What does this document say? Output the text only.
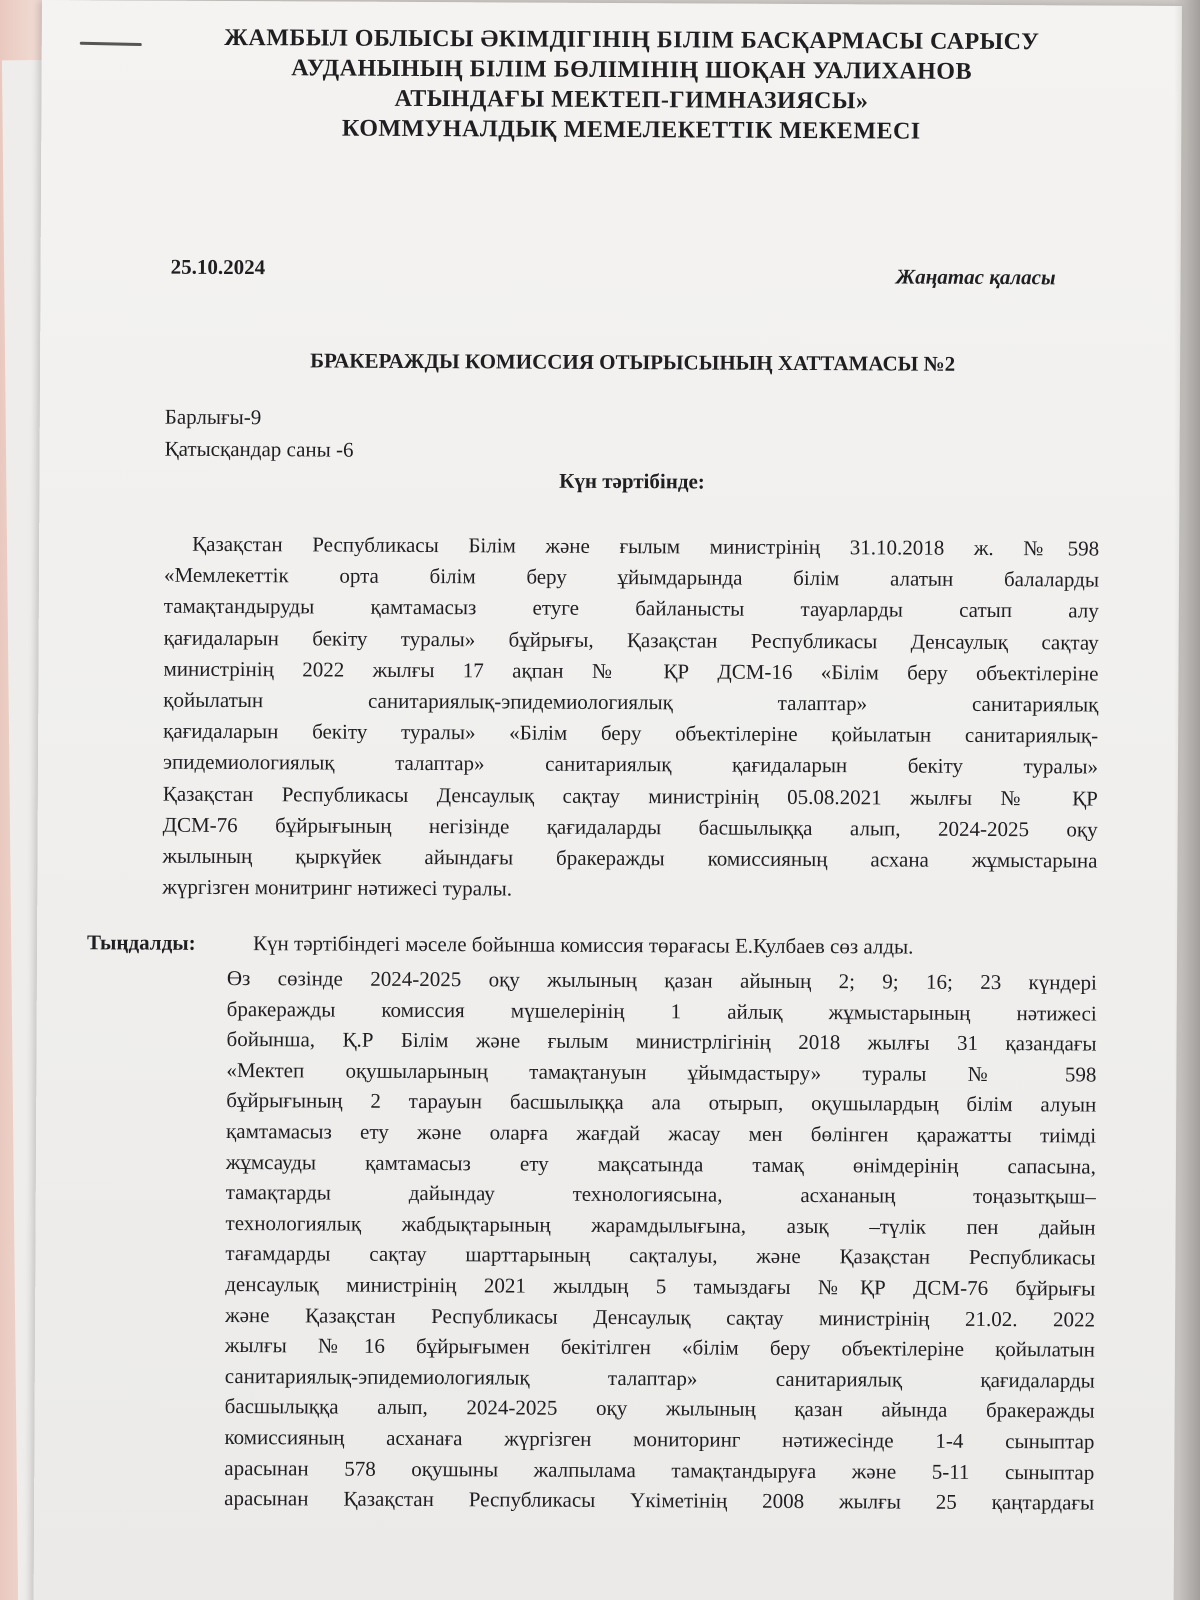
ЖАМБЫЛ ОБЛЫСЫ ӘКІМДІГІНІҢ БІЛІМ БАСҚАРМАСЫ САРЫСУ
АУДАНЫНЫҢ БІЛІМ БӨЛІМІНІҢ ШОҚАН УАЛИХАНОВ
АТЫНДАҒЫ МЕКТЕП-ГИМНАЗИЯСЫ»
КОММУНАЛДЫҚ МЕМЕЛЕКЕТТІК МЕКЕМЕСІ
25.10.2024	Жаңатас қаласы
БРАКЕРАЖДЫ КОМИССИЯ ОТЫРЫСЫНЫҢ ХАТТАМАСЫ №2
Барлығы-9
Қатысқандар саны -6
Күн тәртібінде:
Қазақстан Республикасы Білім және ғылым министрінің 31.10.2018 ж. №598
«Мемлекеттік орта білім беру ұйымдарында білім алатын балаларды
тамақтандыруды қамтамасыз етуге байланысты тауарларды сатып алу
қағидаларын бекіту туралы» бұйрығы, Қазақстан Республикасы Денсаулық сақтау
министрінің 2022 жылғы 17 ақпан № ҚР ДСМ-16 «Білім беру объектілеріне
қойылатын санитариялық-эпидемиологиялық талаптар» санитариялық
қағидаларын бекіту туралы» «Білім беру объектілеріне қойылатын санитариялық-
эпидемиологиялық талаптар» санитариялық қағидаларын бекіту туралы»
Қазақстан Республикасы Денсаулық сақтау министрінің 05.08.2021 жылғы № ҚР
ДСМ-76 бұйрығының негізінде қағидаларды басшылыққа алып, 2024-2025 оқу
жылының қыркүйек айындағы бракеражды комиссияның асхана жұмыстарына
жүргізген монитринг нәтижесі туралы.
Тыңдалды:	Күн тәртібіндегі мәселе бойынша комиссия төрағасы Е.Кулбаев сөз алды.
Өз сөзінде 2024-2025 оқу жылының қазан айының 2; 9; 16; 23 күндері
бракеражды комиссия мүшелерінің 1 айлық жұмыстарының нәтижесі
бойынша, Қ.Р Білім және ғылым министрлігінің 2018 жылғы 31 қазандағы
«Мектеп оқушыларының тамақтануын ұйымдастыру» туралы № 598
бұйрығының 2 тарауын басшылыққа ала отырып, оқушылардың білім алуын
қамтамасыз ету және оларға жағдай жасау мен бөлінген қаражатты тиімді
жұмсауды қамтамасыз ету мақсатында тамақ өнімдерінің сапасына,
тамақтарды дайындау технологиясына, асхананың тоңазытқыш–
технологиялық жабдықтарының жарамдылығына, азық –түлік пен дайын
тағамдарды сақтау шарттарының сақталуы, және Қазақстан Республикасы
денсаулық министрінің 2021 жылдың 5 тамыздағы №ҚР ДСМ-76 бұйрығы
және Қазақстан Республикасы Денсаулық сақтау министрінің 21.02. 2022
жылғы №16 бұйрығымен бекітілген «білім беру объектілеріне қойылатын
санитариялық-эпидемиологиялық талаптар» санитариялық қағидаларды
басшылыққа алып, 2024-2025 оқу жылының қазан айында бракеражды
комиссияның асханаға жүргізген мониторинг нәтижесінде 1-4 сыныптар
арасынан 578 оқушыны жалпылама тамақтандыруға және 5-11 сыныптар
арасынан Қазақстан Республикасы Үкіметінің 2008 жылғы 25 қаңтардағы
